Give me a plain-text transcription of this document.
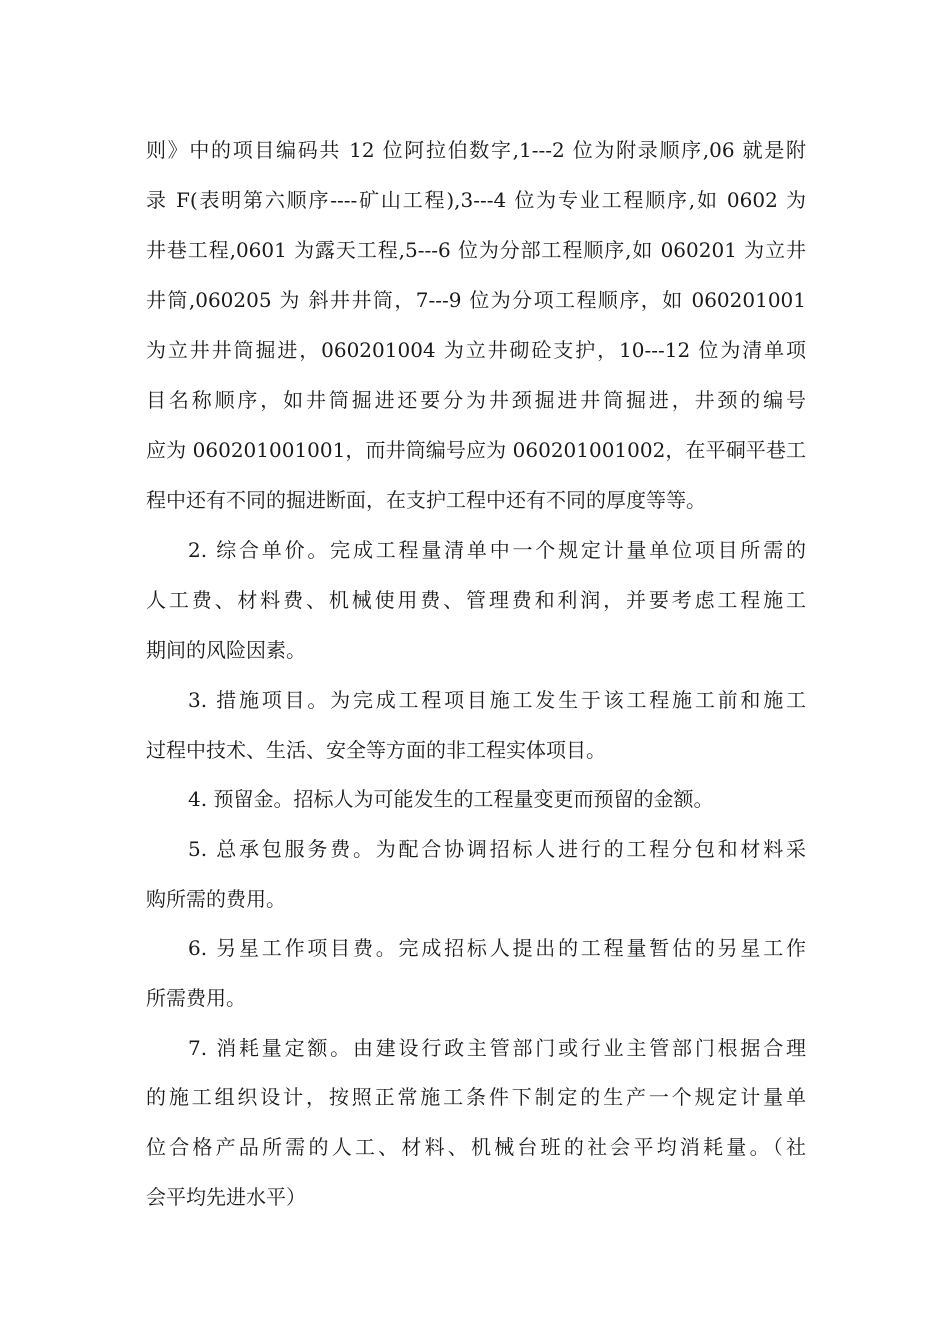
则》中的项目编码共 12 位阿拉伯数字,1---2 位为附录顺序,06 就是附
录 F(表明第六顺序----矿山工程),3---4 位为专业工程顺序,如 0602 为
井巷工程,0601 为露天工程,5---6 位为分部工程顺序,如 060201 为立井
井筒,060205 为 斜井井筒，7---9 位为分项工程顺序，如 060201001
为立井井筒掘进，060201004 为立井砌砼支护，10---12 位为清单项
目名称顺序，如井筒掘进还要分为井颈掘进井筒掘进，井颈的编号
应为 060201001001，而井筒编号应为 060201001002，在平硐平巷工
程中还有不同的掘进断面，在支护工程中还有不同的厚度等等。
2. 综合单价。完成工程量清单中一个规定计量单位项目所需的
人工费、材料费、机械使用费、管理费和利润，并要考虑工程施工
期间的风险因素。
3. 措施项目。为完成工程项目施工发生于该工程施工前和施工
过程中技术、生活、安全等方面的非工程实体项目。
4. 预留金。招标人为可能发生的工程量变更而预留的金额。
5. 总承包服务费。为配合协调招标人进行的工程分包和材料采
购所需的费用。
6. 另星工作项目费。完成招标人提出的工程量暂估的另星工作
所需费用。
7. 消耗量定额。由建设行政主管部门或行业主管部门根据合理
的施工组织设计，按照正常施工条件下制定的生产一个规定计量单
位合格产品所需的人工、材料、机械台班的社会平均消耗量。（社
会平均先进水平）
